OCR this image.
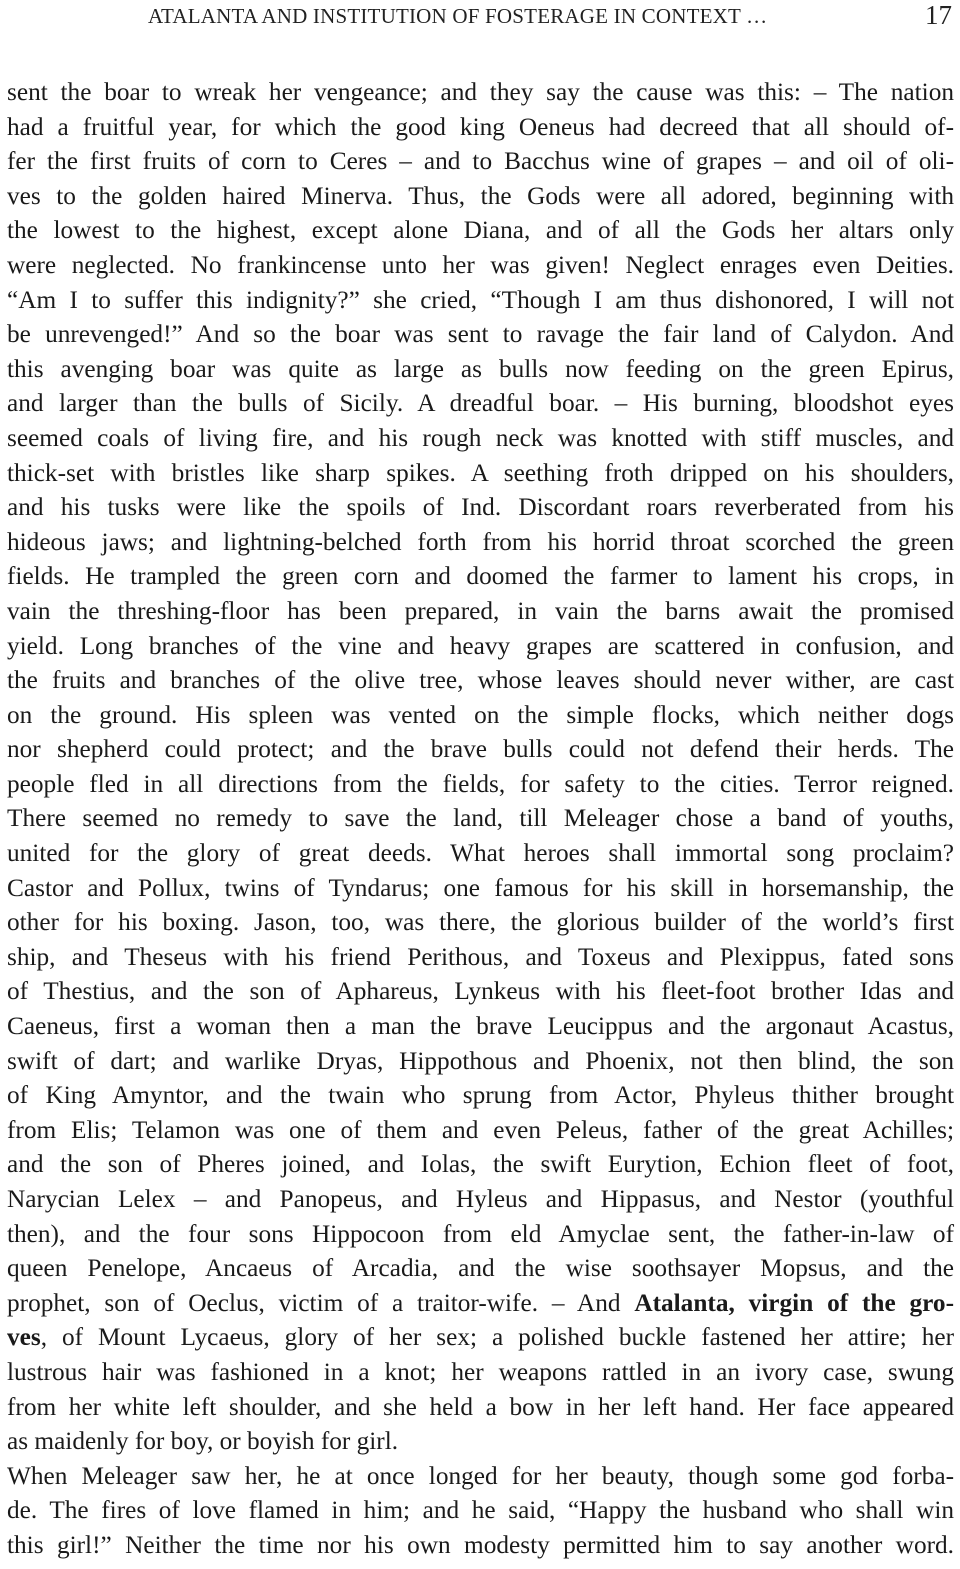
ATALANTA AND INSTITUTION OF FOSTERAGE IN CONTEXT …	17
sent the boar to wreak her vengeance; and they say the cause was this: – The nation
had a fruitful year, for which the good king Oeneus had decreed that all should of-
fer the first fruits of corn to Ceres – and to Bacchus wine of grapes – and oil of oli-
ves to the golden haired Minerva. Thus, the Gods were all adored, beginning with
the lowest to the highest, except alone Diana, and of all the Gods her altars only
were neglected. No frankincense unto her was given! Neglect enrages even Deities.
“Am I to suffer this indignity?” she cried, “Though I am thus dishonored, I will not
be unrevenged!” And so the boar was sent to ravage the fair land of Calydon. And
this avenging boar was quite as large as bulls now feeding on the green Epirus,
and larger than the bulls of Sicily. A dreadful boar. – His burning, bloodshot eyes
seemed coals of living fire, and his rough neck was knotted with stiff muscles, and
thick-set with bristles like sharp spikes. A seething froth dripped on his shoulders,
and his tusks were like the spoils of Ind. Discordant roars reverberated from his
hideous jaws; and lightning-belched forth from his horrid throat scorched the green
fields. He trampled the green corn and doomed the farmer to lament his crops, in
vain the threshing-floor has been prepared, in vain the barns await the promised
yield. Long branches of the vine and heavy grapes are scattered in confusion, and
the fruits and branches of the olive tree, whose leaves should never wither, are cast
on the ground. His spleen was vented on the simple flocks, which neither dogs
nor shepherd could protect; and the brave bulls could not defend their herds. The
people fled in all directions from the fields, for safety to the cities. Terror reigned.
There seemed no remedy to save the land, till Meleager chose a band of youths,
united for the glory of great deeds. What heroes shall immortal song proclaim?
Castor and Pollux, twins of Tyndarus; one famous for his skill in horsemanship, the
other for his boxing. Jason, too, was there, the glorious builder of the world’s first
ship, and Theseus with his friend Perithous, and Toxeus and Plexippus, fated sons
of Thestius, and the son of Aphareus, Lynkeus with his fleet-foot brother Idas and
Caeneus, first a woman then a man the brave Leucippus and the argonaut Acastus,
swift of dart; and warlike Dryas, Hippothous and Phoenix, not then blind, the son
of King Amyntor, and the twain who sprung from Actor, Phyleus thither brought
from Elis; Telamon was one of them and even Peleus, father of the great Achilles;
and the son of Pheres joined, and Iolas, the swift Eurytion, Echion fleet of foot,
Narycian Lelex – and Panopeus, and Hyleus and Hippasus, and Nestor (youthful
then), and the four sons Hippocoon from eld Amyclae sent, the father-in-law of
queen Penelope, Ancaeus of Arcadia, and the wise soothsayer Mopsus, and the
prophet, son of Oeclus, victim of a traitor-wife. – And Atalanta, virgin of the gro-
ves, of Mount Lycaeus, glory of her sex; a polished buckle fastened her attire; her
lustrous hair was fashioned in a knot; her weapons rattled in an ivory case, swung
from her white left shoulder, and she held a bow in her left hand. Her face appeared
as maidenly for boy, or boyish for girl.
When Meleager saw her, he at once longed for her beauty, though some god forba-
de. The fires of love flamed in him; and he said, “Happy the husband who shall win
this girl!” Neither the time nor his own modesty permitted him to say another word.
